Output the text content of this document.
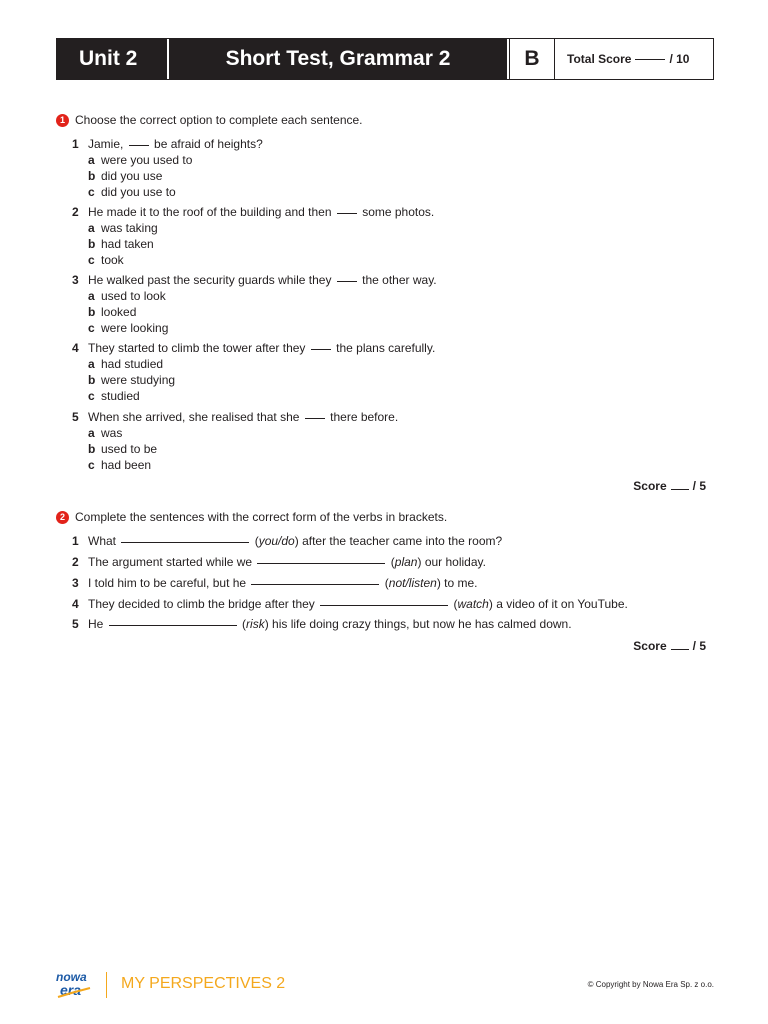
Unit 2	Short Test, Grammar 2	B	Total Score	/ 10
1 Choose the correct option to complete each sentence.
1 Jamie,	be afraid of heights?
a were you used to
b did you use
c did you use to
2 He made it to the roof of the building and then	some photos.
a was taking
b had taken
c took
3 He walked past the security guards while they	the other way.
a used to look
b looked
c were looking
4 They started to climb the tower after they	the plans carefully.
a had studied
b were studying
c studied
5 When she arrived, she realised that she	there before.
a was
b used to be
c had been
Score / 5
2 Complete the sentences with the correct form of the verbs in brackets.
1 What	(you/do) after the teacher came into the room?
2 The argument started while we	(plan) our holiday.
3 I told him to be careful, but he	(not/listen) to me.
4 They decided to climb the bridge after they	(watch) a video of it on YouTube.
5 He	(risk) his life doing crazy things, but now he has calmed down.
Score / 5
nowa
era MY PERSPECTIVES 2	© Copyright by Nowa Era Sp. z o.o.
